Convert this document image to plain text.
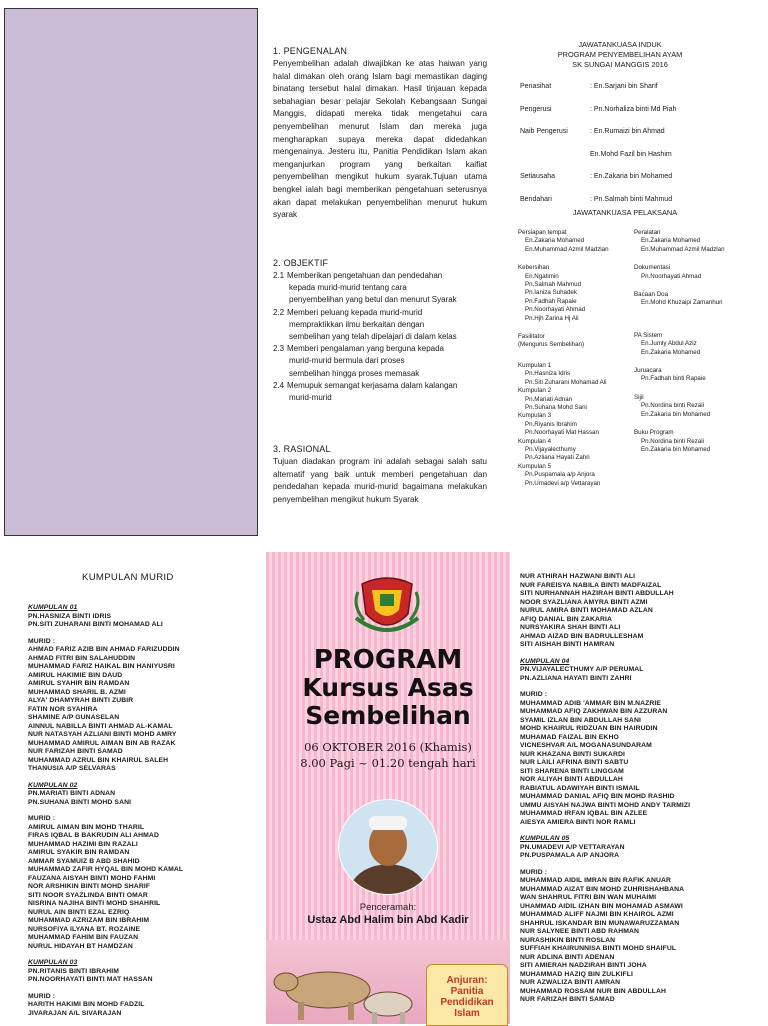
1. PENGENALAN
Penyembelihan adalah diwajibkan ke atas haiwan yang halal dimakan oleh orang Islam bagi memastikan daging binatang tersebut halal dimakan. Hasil tinjauan kepada sebahagian besar pelajar Sekolah Kebangsaan Sungai Manggis, didapati mereka tidak mengetahui cara penyembelihan menurut Islam dan mereka juga mengharapkan supaya mereka dapat didedahkan mengenainya. Jesteru itu, Panitia Pendidikan Islam akan menganjurkan program yang berkaitan kaifiat penyembelihan mengikut hukum syarak.Tujuan utama bengkel ialah bagi memberikan pengetahuan seterusnya akan dapat melakukan penyembelihan menurut hukum syarak
2. OBJEKTIF
2.1 Memberikan pengetahuan dan pendedahan
kepada murid-murid tentang cara
penyembelihan yang betul dan menurut Syarak
2.2 Memberi peluang kepada murid-murid
mempraktikkan ilmu berkaitan dengan
sembelihan yang telah dipelajari di dalam kelas
2.3 Memberi pengalaman yang berguna kepada
murid-murid bermula dari proses
sembelihan hingga proses memasak
2.4 Memupuk semangat kerjasama dalam kalangan
murid-murid
3. RASIONAL
Tujuan diadakan program ini adalah sebagai salah satu alternatif yang baik untuk memberi pengetahuan dan pendedahan kepada murid-murid bagaimana melakukan penyembelihan mengikut hukum Syarak
JAWATANKUASA INDUK
PROGRAM PENYEMBELIHAN AYAM
SK SUNGAI MANGGIS 2016
Penasihat	: En.Sarjani bin Sharif
Pengerusi	: Pn.Norhaliza binti Md Piah
Naib Pengerusi	: En.Rumaizi bin Ahmad
En.Mohd Fazil bin Hashim
Setiausaha	: En.Zakaria bin Mohamed
Bendahari	: Pn.Salmah binti Mahmud
JAWATANKUASA PELAKSANA
Persiapan tempat
En.Zakaria Mohamed
En.Muhammad Azmil Madzlan
Kebersihan
En.Ngatimin
Pn.Salmah Mahmud
Pn.Ianiza Suhadek
Pn.Fadhah Rapaie
Pn.Noorhayati Ahmad
Pn.Hjh Zarina Hj Ali
Fasilitator
(Mengurus Sembelihan)
Kumpulan 1
Pn.Hasniza Idris
Pn.Siti Zuharani Mohamad Ali
Kumpulan 2
Pn.Mariati Adnan
Pn.Suhana Mohd Sani
Kumpulan 3
Pn.Riyanis Ibrahim
Pn.Noorhayati Mat Hassan
Kumpulan 4
Pn.Vijayalecthumy
Pn.Azliana Hayati Zahri
Kumpulan 5
Pn.Puspamala a/p Anjora
Pn.Umadevi a/p Vettarayan
Peralatan
En.Zakaria Mohamed
En.Muhammad Azmil Madzlan
Dokumentasi
Pn.Noorhayati Ahmad
Bacaan Doa
En.Mohd Khuzaipi Zamanhuri
PA Sistem
En.Jumly Abdul Aziz
En.Zakaria Mohamed
Juruacara
Pn.Fadhah binti Rapaie
Sijil
Pn.Nordina binti Rezali
En.Zakaria bin Mohamed
Buku Program
Pn.Nordina binti Rezali
En.Zakaria bin Mohamed
KUMPULAN MURID
KUMPULAN 01
PN.HASNIZA BINTI IDRIS
PN.SITI ZUHARANI BINTI MOHAMAD ALI
MURID :
AHMAD FARIZ AZIB BIN AHMAD FARIZUDDIN
AHMAD FITRI BIN SALAHUDDIN
MUHAMMAD FARIZ HAIKAL BIN HANIYUSRI
AMIRUL HAKIMIE BIN DAUD
AMIRUL SYAHIR BIN RAMDAN
MUHAMMAD SHARIL B. AZMI
ALYA' DHAMYRAH BINTI ZUBIR
FATIN NOR SYAHIRA
SHAMINE A/P GUNASELAN
AINNUL NABILLA BINTI AHMAD AL-KAMAL
NUR NATASYAH AZLIANI BINTI MOHD AMRY
MUHAMMAD AMIRUL AIMAN BIN AB RAZAK
NUR FARIZAH BINTI SAMAD
MUHAMMAD AZRUL BIN KHAIRUL SALEH
THANUSIA A/P SELVARAS
KUMPULAN 02
PN.MARIATI BINTI ADNAN
PN.SUHANA BINTI MOHD SANI
MURID :
AMIRUL AIMAN BIN MOHD THARIL
FIRAS IQBAL B BAKRUDIN ALI AHMAD
MUHAMMAD HAZIMI BIN RAZALI
AMIRUL SYAKIR BIN RAMDAN
AMMAR SYAMUIZ B ABD SHAHID
MUHAMMAD ZAFIR HYQAL BIN MOHD KAMAL
FAUZANA AISYAH BINTI MOHD FAHMI
NOR ARSHIKIN BINTI MOHD SHARIF
SITI NOOR SYAZLINDA BINTI OMAR
NISRINA NAJIHA BINTI MOHD SHAHRIL
NURUL AIN BINTI EZAL EZRIQ
MUHAMMAD AZRIZAM BIN IBRAHIM
NURSOFIYA ILYANA BT. ROZAINE
MUHAMMAD FAHIM BIN FAUZAN
NURUL HIDAYAH BT HAMDZAN
KUMPULAN 03
PN.RITANIS BINTI IBRAHIM
PN.NOORHAYATI BINTI MAT HASSAN
MURID :
HARITH HAKIMI BIN MOHD FADZIL
JIVARAJAN A/L SIVARAJAN
PROGRAM
Kursus Asas
Sembelihan
06 OKTOBER 2016 (Khamis)
8.00 Pagi ~ 01.20 tengah hari
Penceramah:
Ustaz Abd Halim bin Abd Kadir
Anjuran:
Panitia
Pendidikan
Islam
NUR ATHIRAH HAZWANI BINTI ALI
NUR FAREISYA NABILA BINTI MADFAIZAL
SITI NURHANNAH HAZIRAH BINTI ABDULLAH
NOOR SYAZLIANA AMYRA BINTI AZMI
NURUL AMIRA BINTI MOHAMAD AZLAN
AFIQ DANIAL BIN ZAKARIA
NURSYAKIRA SHAH BINTI ALI
AHMAD AIZAD BIN BADRULLESHAM
SITI AISHAH BINTI HAMRAN
KUMPULAN 04
PN.VIJAYALECTHUMY A/P PERUMAL
PN.AZLIANA HAYATI BINTI ZAHRI
MURID :
MUHAMMAD ADIB 'AMMAR BIN M.NAZRIE
MUHAMMAD AFIQ ZAKHWAN BIN AZZURAN
SYAMIL IZLAN BIN ABDULLAH SANI
MOHD KHAIRUL RIDZUAN BIN HAIRUDIN
MUHAMAD FAIZAL BIN EKHO
VICNESHVAR A/L MOGANASUNDARAM
NUR KHAZANA BINTI SUKARDI
NUR LAILI AFRINA BINTI SABTU
SITI SHARENA BINTI LINGGAM
NOR ALIYAH BINTI ABDULLAH
RABIATUL ADAWIYAH BINTI ISMAIL
MUHAMMAD DANIAL AFIQ BIN MOHD RASHID
UMMU AISYAH NAJWA BINTI MOHD ANDY TARMIZI
MUHAMMAD IRFAN IQBAL BIN AZLEE
AIESYA AMIERA BINTI NOR RAMLI
KUMPULAN 05
PN.UMADEVI A/P VETTARAYAN
PN.PUSPAMALA A/P ANJORA
MURID :
MUHAMMAD AIDIL IMRAN BIN RAFIK ANUAR
MUHAMMAD AIZAT BIN MOHD ZUHRISHAHBANA
WAN SHAHRUL FITRI BIN WAN MUHAIMI
UHAMMAD AIDIL IZHAN BIN MOHAMAD ASMAWI
MUHAMMAD ALIFF NAJMI BIN KHAIROL AZMI
SHAHRUL ISKANDAR BIN MUNAWARUZZAMAN
NUR SALYNEE BINTI ABD RAHMAN
NURASHIKIN BINTI ROSLAN
SUFFIAH KHAIRUNNISA BINTI MOHD SHAIFUL
NUR ADLINA BINTI ADENAN
SITI AMIERAH NADZIRAH BINTI JOHA
MUHAMMAD HAZIQ BIN ZULKIFLI
NUR AZWALIZA BINTI AMRAN
MUHAMMAD ROSSAM NUR BIN ABDULLAH
NUR FARIZAH BINTI SAMAD
